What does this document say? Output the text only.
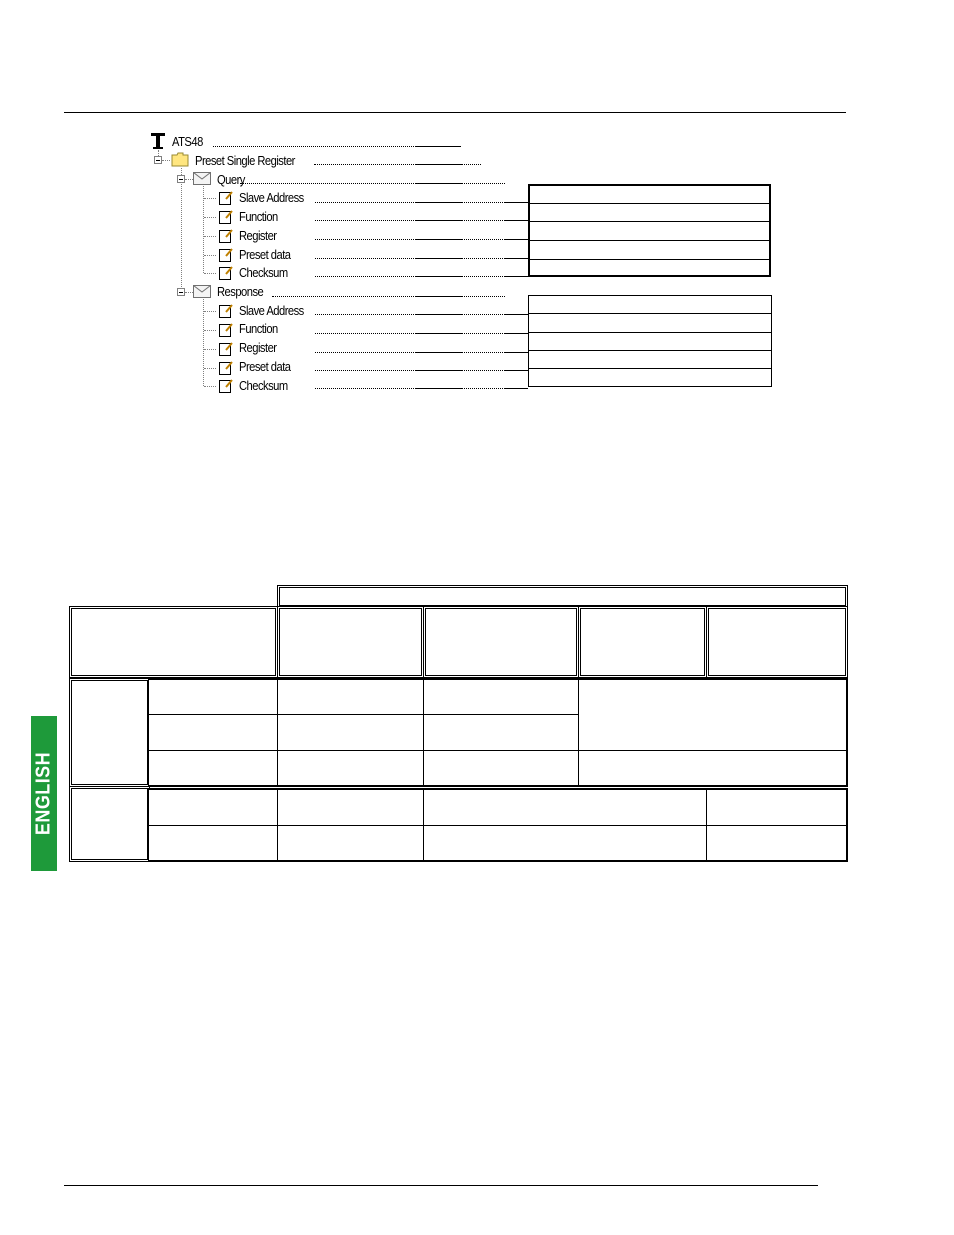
ATS48
Preset Single Register
Query
Slave Address
Function
Register
Preset data
Checksum
Response
Slave Address
Function
Register
Preset data
Checksum
ENGLISH
